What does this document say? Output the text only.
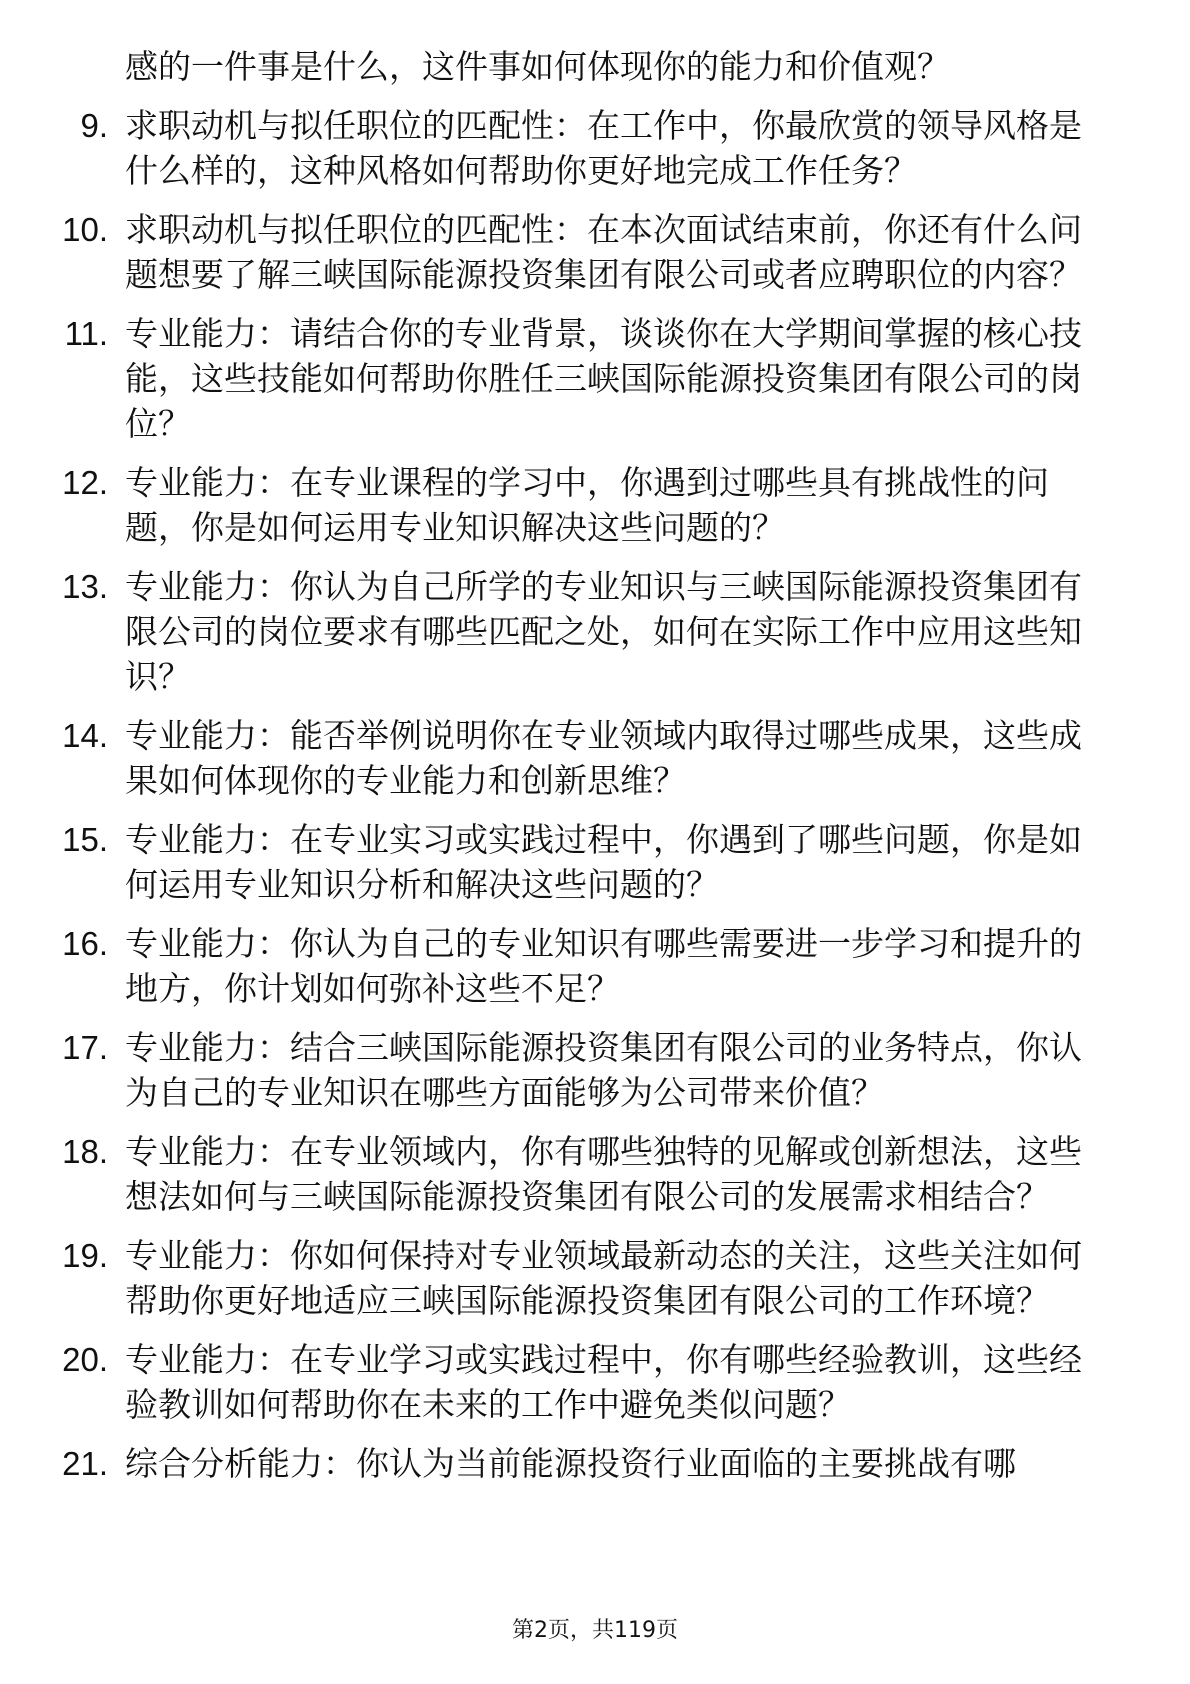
感的一件事是什么，这件事如何体现你的能力和价值观？
9. 求职动机与拟任职位的匹配性：在工作中，你最欣赏的领导风格是什么样的，这种风格如何帮助你更好地完成工作任务？
10. 求职动机与拟任职位的匹配性：在本次面试结束前，你还有什么问题想要了解三峡国际能源投资集团有限公司或者应聘职位的内容？
11. 专业能力：请结合你的专业背景，谈谈你在大学期间掌握的核心技能，这些技能如何帮助你胜任三峡国际能源投资集团有限公司的岗位？
12. 专业能力：在专业课程的学习中，你遇到过哪些具有挑战性的问题，你是如何运用专业知识解决这些问题的？
13. 专业能力：你认为自己所学的专业知识与三峡国际能源投资集团有限公司的岗位要求有哪些匹配之处，如何在实际工作中应用这些知识？
14. 专业能力：能否举例说明你在专业领域内取得过哪些成果，这些成果如何体现你的专业能力和创新思维？
15. 专业能力：在专业实习或实践过程中，你遇到了哪些问题，你是如何运用专业知识分析和解决这些问题的？
16. 专业能力：你认为自己的专业知识有哪些需要进一步学习和提升的地方，你计划如何弥补这些不足？
17. 专业能力：结合三峡国际能源投资集团有限公司的业务特点，你认为自己的专业知识在哪些方面能够为公司带来价值？
18. 专业能力：在专业领域内，你有哪些独特的见解或创新想法，这些想法如何与三峡国际能源投资集团有限公司的发展需求相结合？
19. 专业能力：你如何保持对专业领域最新动态的关注，这些关注如何帮助你更好地适应三峡国际能源投资集团有限公司的工作环境？
20. 专业能力：在专业学习或实践过程中，你有哪些经验教训，这些经验教训如何帮助你在未来的工作中避免类似问题？
21. 综合分析能力：你认为当前能源投资行业面临的主要挑战有哪
第2页，共119页
